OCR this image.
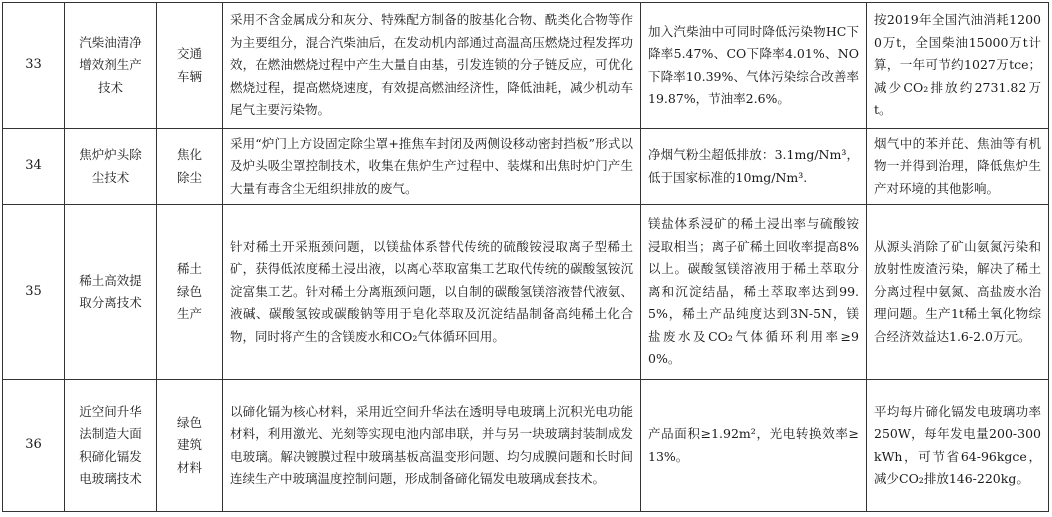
33	汽柴油清净增效剂生产技术	交通车辆	采用不含金属成分和灰分、特殊配方制备的胺基化合物、酰类化合物等作为主要组分，混合汽柴油后，在发动机内部通过高温高压燃烧过程发挥功效，在燃油燃烧过程中产生大量自由基，引发连锁的分子链反应，可优化燃烧过程，提高燃烧速度，有效提高燃油经济性，降低油耗，减少机动车尾气主要污染物。	加入汽柴油中可同时降低污染物HC下降率5.47%、CO下降率4.01%、NO下降率10.39%、气体污染综合改善率19.87%，节油率2.6%。	按2019年全国汽油消耗12000万t，全国柴油15000万t计算，一年可节约1027万tce；减少CO₂排放约2731.82万t。
34	焦炉炉头除尘技术	焦化除尘	采用“炉门上方设固定除尘罩+推焦车封闭及两侧设移动密封挡板”形式以及炉头吸尘罩控制技术，收集在焦炉生产过程中、装煤和出焦时炉门产生大量有毒含尘无组织排放的废气。	净烟气粉尘超低排放：3.1mg/Nm³，低于国家标准的10mg/Nm³.	烟气中的苯并芘、焦油等有机物一并得到治理，降低焦炉生产对环境的其他影响。
35	稀土高效提取分离技术	稀土绿色生产	针对稀土开采瓶颈问题，以镁盐体系替代传统的硫酸铵浸取离子型稀土矿，获得低浓度稀土浸出液，以离心萃取富集工艺取代传统的碳酸氢铵沉淀富集工艺。针对稀土分离瓶颈问题，以自制的碳酸氢镁溶液替代液氨、液碱、碳酸氢铵或碳酸钠等用于皂化萃取及沉淀结晶制备高纯稀土化合物，同时将产生的含镁废水和CO₂气体循环回用。	镁盐体系浸矿的稀土浸出率与硫酸铵浸取相当；离子矿稀土回收率提高8%以上。碳酸氢镁溶液用于稀土萃取分离和沉淀结晶，稀土萃取率达到99.5%，稀土产品纯度达到3N-5N，镁盐废水及CO₂气体循环利用率≥90%。	从源头消除了矿山氨氮污染和放射性废渣污染，解决了稀土分离过程中氨氮、高盐废水治理问题。生产1t稀土氧化物综合经济效益达1.6-2.0万元。
36	近空间升华法制造大面积碲化镉发电玻璃技术	绿色建筑材料	以碲化镉为核心材料，采用近空间升华法在透明导电玻璃上沉积光电功能材料，利用激光、光刻等实现电池内部串联，并与另一块玻璃封装制成发电玻璃。解决镀膜过程中玻璃基板高温变形问题、均匀成膜问题和长时间连续生产中玻璃温度控制问题，形成制备碲化镉发电玻璃成套技术。	产品面积≥1.92m²，光电转换效率≥13%。	平均每片碲化镉发电玻璃功率250W，每年发电量200-300kWh，可节省64-96kgce，减少CO₂排放146-220kg。
